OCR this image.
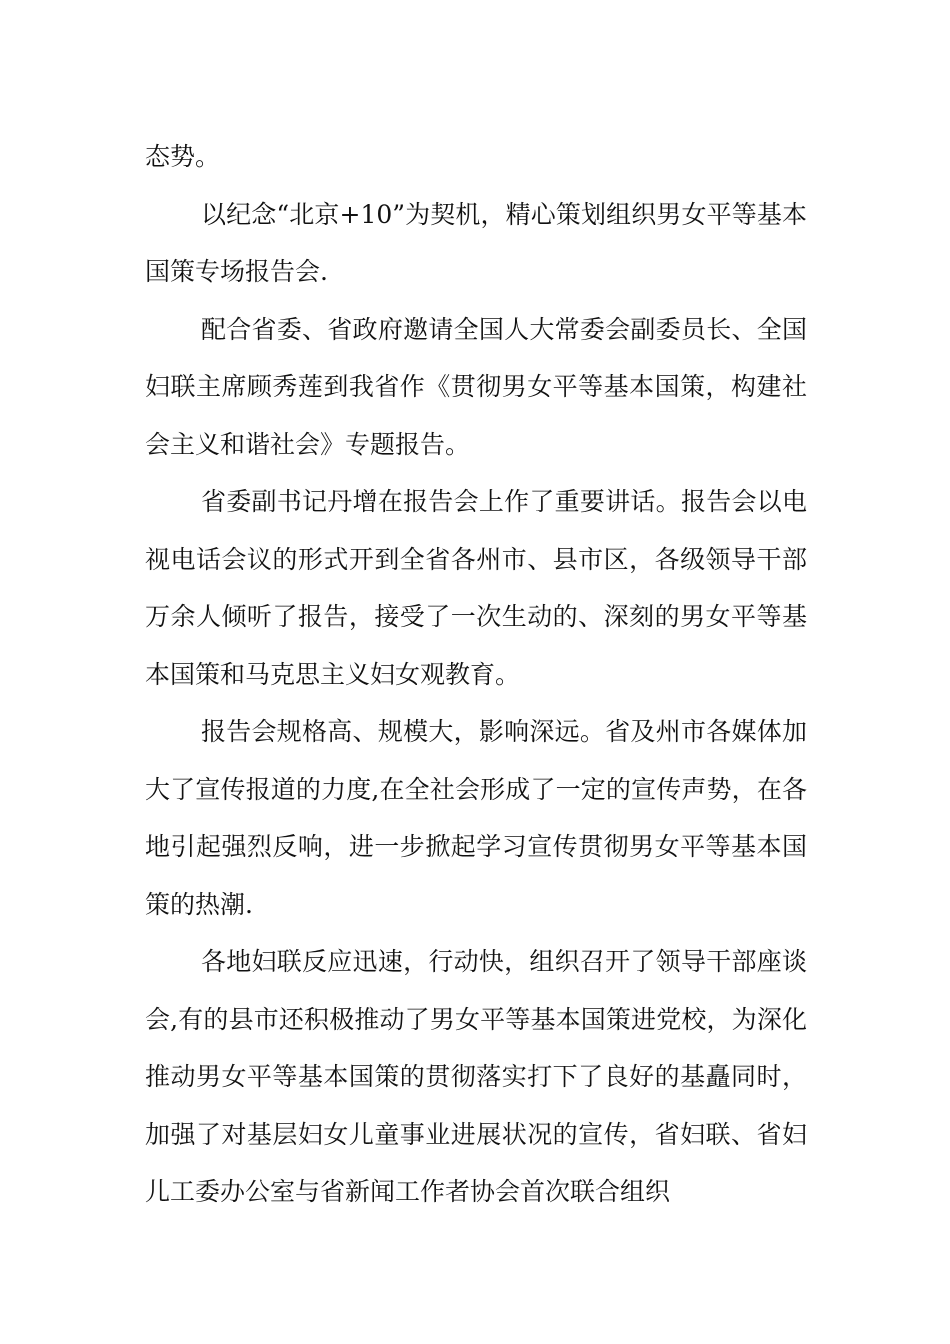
态势。

以纪念“北京+10”为契机，精心策划组织男女平等基本国策专场报告会.

配合省委、省政府邀请全国人大常委会副委员长、全国妇联主席顾秀莲到我省作《贯彻男女平等基本国策，构建社会主义和谐社会》专题报告。

省委副书记丹增在报告会上作了重要讲话。报告会以电视电话会议的形式开到全省各州市、县市区，各级领导干部万余人倾听了报告，接受了一次生动的、深刻的男女平等基本国策和马克思主义妇女观教育。

报告会规格高、规模大，影响深远。省及州市各媒体加大了宣传报道的力度,在全社会形成了一定的宣传声势，在各地引起强烈反响，进一步掀起学习宣传贯彻男女平等基本国策的热潮.

各地妇联反应迅速，行动快，组织召开了领导干部座谈会,有的县市还积极推动了男女平等基本国策进党校，为深化推动男女平等基本国策的贯彻落实打下了良好的基矗同时，加强了对基层妇女儿童事业进展状况的宣传，省妇联、省妇儿工委办公室与省新闻工作者协会首次联合组织
